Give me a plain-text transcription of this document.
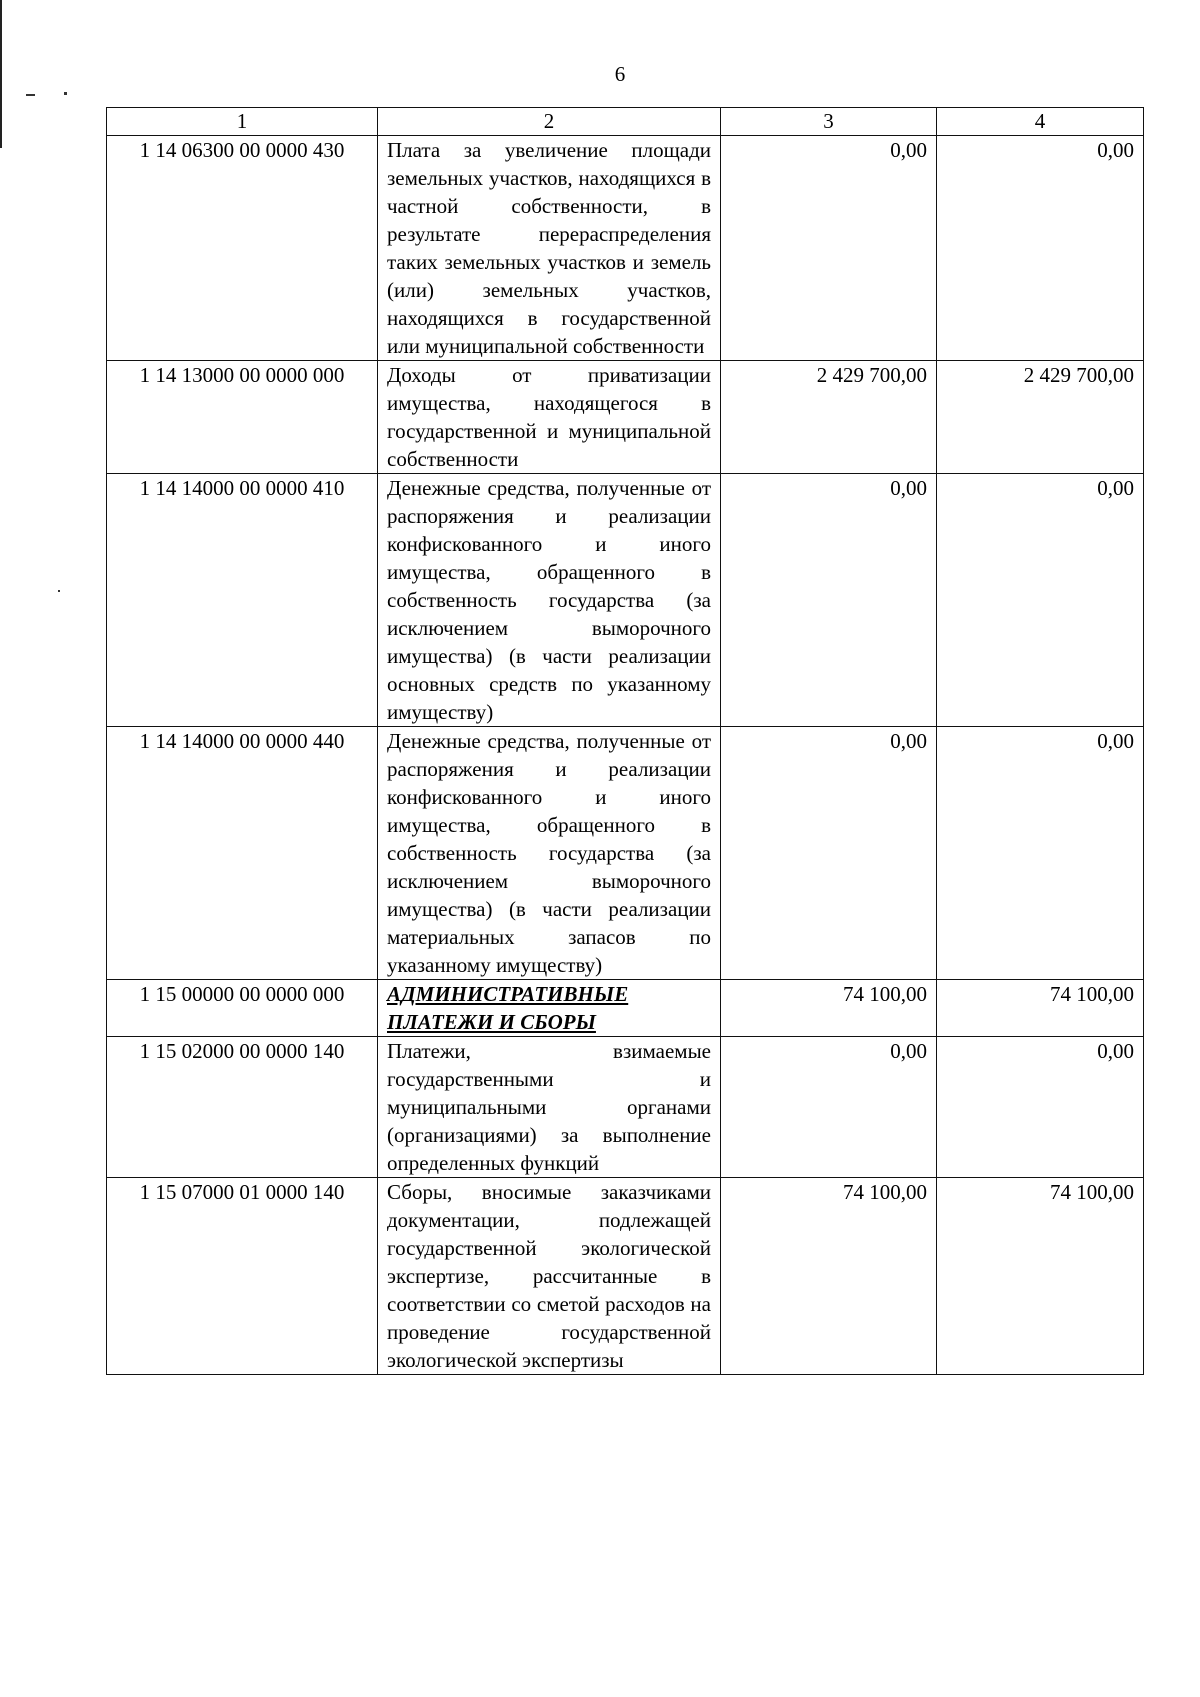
6
1	2	3	4
1 14 06300 00 0000 430	Плата за увеличение площади земельных участков, находящихся в частной собственности, в результате перераспределения таких земельных участков и земель (или) земельных участков, находящихся в государственной или муниципальной собственности	0,00	0,00
1 14 13000 00 0000 000	Доходы от приватизации имущества, находящегося в государственной и муниципальной собственности	2 429 700,00	2 429 700,00
1 14 14000 00 0000 410	Денежные средства, полученные от распоряжения и реализации конфискованного и иного имущества, обращенного в собственность государства (за исключением выморочного имущества) (в части реализации основных средств по указанному имуществу)	0,00	0,00
1 14 14000 00 0000 440	Денежные средства, полученные от распоряжения и реализации конфискованного и иного имущества, обращенного в собственность государства (за исключением выморочного имущества) (в части реализации материальных запасов по указанному имуществу)	0,00	0,00
1 15 00000 00 0000 000	АДМИНИСТРАТИВНЫЕ ПЛАТЕЖИ И СБОРЫ	74 100,00	74 100,00
1 15 02000 00 0000 140	Платежи, взимаемые государственными и муниципальными органами (организациями) за выполнение определенных функций	0,00	0,00
1 15 07000 01 0000 140	Сборы, вносимые заказчиками документации, подлежащей государственной экологической экспертизе, рассчитанные в соответствии со сметой расходов на проведение государственной экологической экспертизы	74 100,00	74 100,00
